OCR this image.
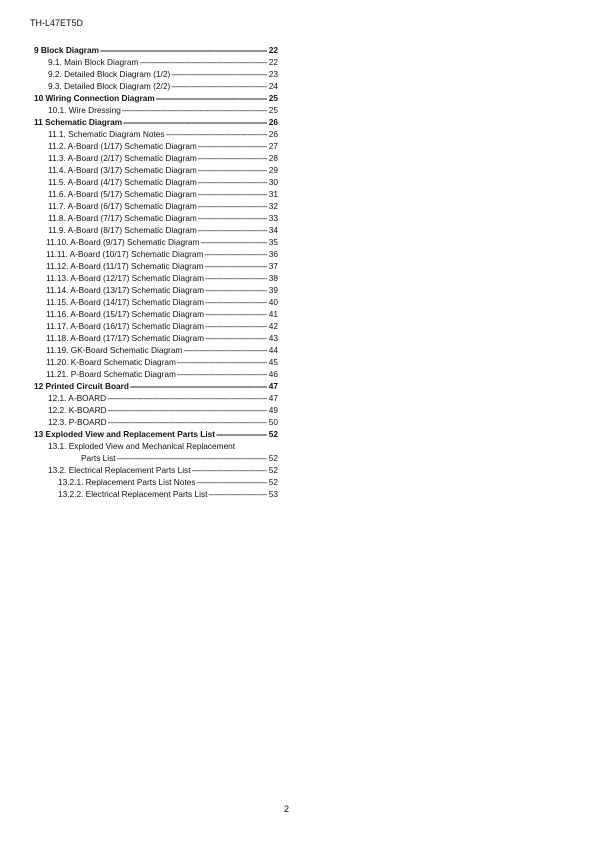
TH-L47ET5D
9 Block Diagram -----	22
9.1. Main Block Diagram -----	22
9.2. Detailed Block Diagram (1/2) -----	23
9.3. Detailed Block Diagram (2/2) -----	24
10 Wiring Connection Diagram -----	25
10.1. Wire Dressing -----	25
11 Schematic Diagram -----	26
11.1. Schematic Diagram Notes -----	26
11.2. A-Board (1/17) Schematic Diagram -----	27
11.3. A-Board (2/17) Schematic Diagram -----	28
11.4. A-Board (3/17) Schematic Diagram -----	29
11.5. A-Board (4/17) Schematic Diagram -----	30
11.6. A-Board (5/17) Schematic Diagram -----	31
11.7. A-Board (6/17) Schematic Diagram -----	32
11.8. A-Board (7/17) Schematic Diagram -----	33
11.9. A-Board (8/17) Schematic Diagram -----	34
11.10. A-Board (9/17) Schematic Diagram -----	35
11.11. A-Board (10/17) Schematic Diagram -----	36
11.12. A-Board (11/17) Schematic Diagram -----	37
11.13. A-Board (12/17) Schematic Diagram -----	38
11.14. A-Board (13/17) Schematic Diagram -----	39
11.15. A-Board (14/17) Schematic Diagram -----	40
11.16. A-Board (15/17) Schematic Diagram -----	41
11.17. A-Board (16/17) Schematic Diagram -----	42
11.18. A-Board (17/17) Schematic Diagram -----	43
11.19. GK-Board Schematic Diagram -----	44
11.20. K-Board Schematic Diagram -----	45
11.21. P-Board Schematic Diagram -----	46
12 Printed Circuit Board -----	47
12.1. A-BOARD -----	47
12.2. K-BOARD -----	49
12.3. P-BOARD -----	50
13 Exploded View and Replacement Parts List -----	52
13.1. Exploded View and Mechanical Replacement
Parts List -----	52
13.2. Electrical Replacement Parts List -----	52
13.2.1. Replacement Parts List Notes -----	52
13.2.2. Electrical Replacement Parts List -----	53
2
